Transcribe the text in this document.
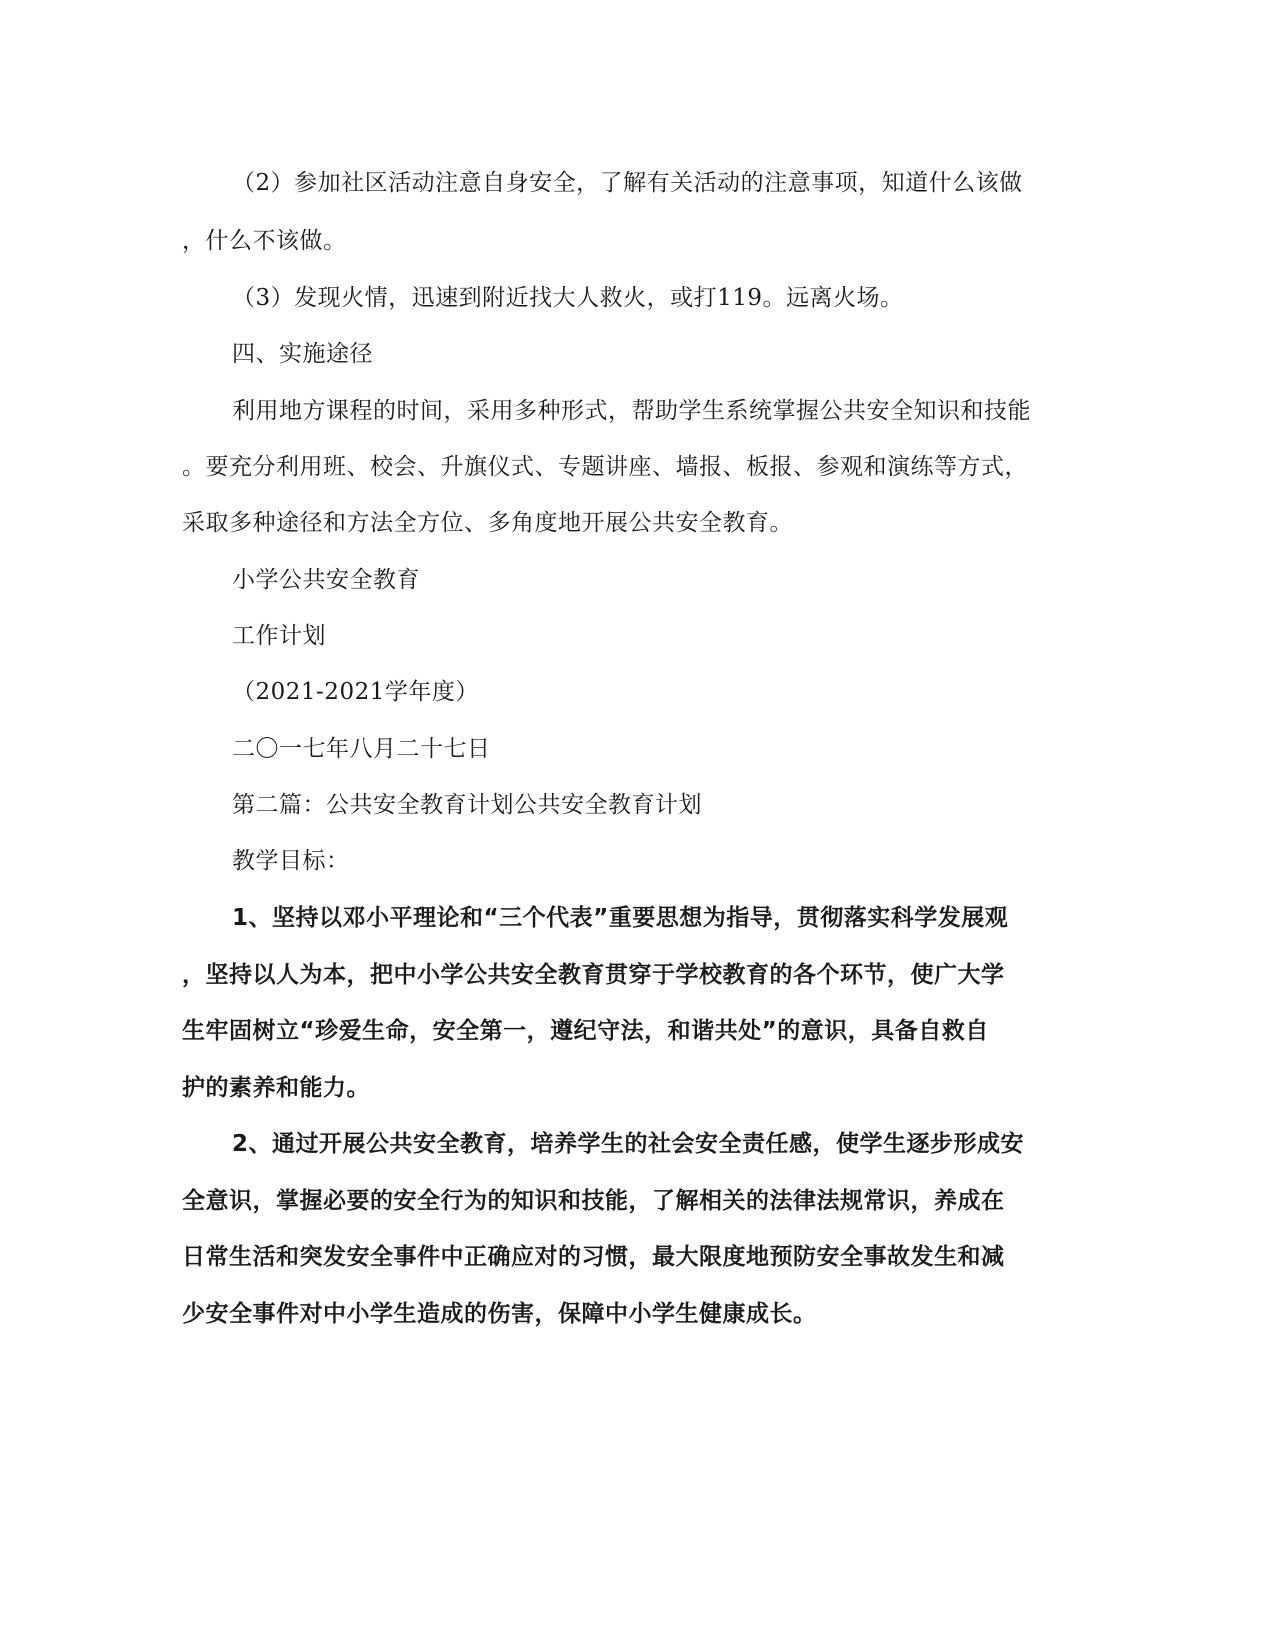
（2）参加社区活动注意自身安全，了解有关活动的注意事项，知道什么该做
，什么不该做。
（3）发现火情，迅速到附近找大人救火，或打119。远离火场。
四、实施途径
利用地方课程的时间，采用多种形式，帮助学生系统掌握公共安全知识和技能
。要充分利用班、校会、升旗仪式、专题讲座、墙报、板报、参观和演练等方式，
采取多种途径和方法全方位、多角度地开展公共安全教育。
小学公共安全教育
工作计划
（2021-2021学年度）
二〇一七年八月二十七日
第二篇：公共安全教育计划公共安全教育计划
教学目标：
1、坚持以邓小平理论和“三个代表”重要思想为指导，贯彻落实科学发展观
，坚持以人为本，把中小学公共安全教育贯穿于学校教育的各个环节，使广大学
生牢固树立“珍爱生命，安全第一，遵纪守法，和谐共处”的意识，具备自救自
护的素养和能力。
2、通过开展公共安全教育，培养学生的社会安全责任感，使学生逐步形成安
全意识，掌握必要的安全行为的知识和技能，了解相关的法律法规常识，养成在
日常生活和突发安全事件中正确应对的习惯，最大限度地预防安全事故发生和减
少安全事件对中小学生造成的伤害，保障中小学生健康成长。
